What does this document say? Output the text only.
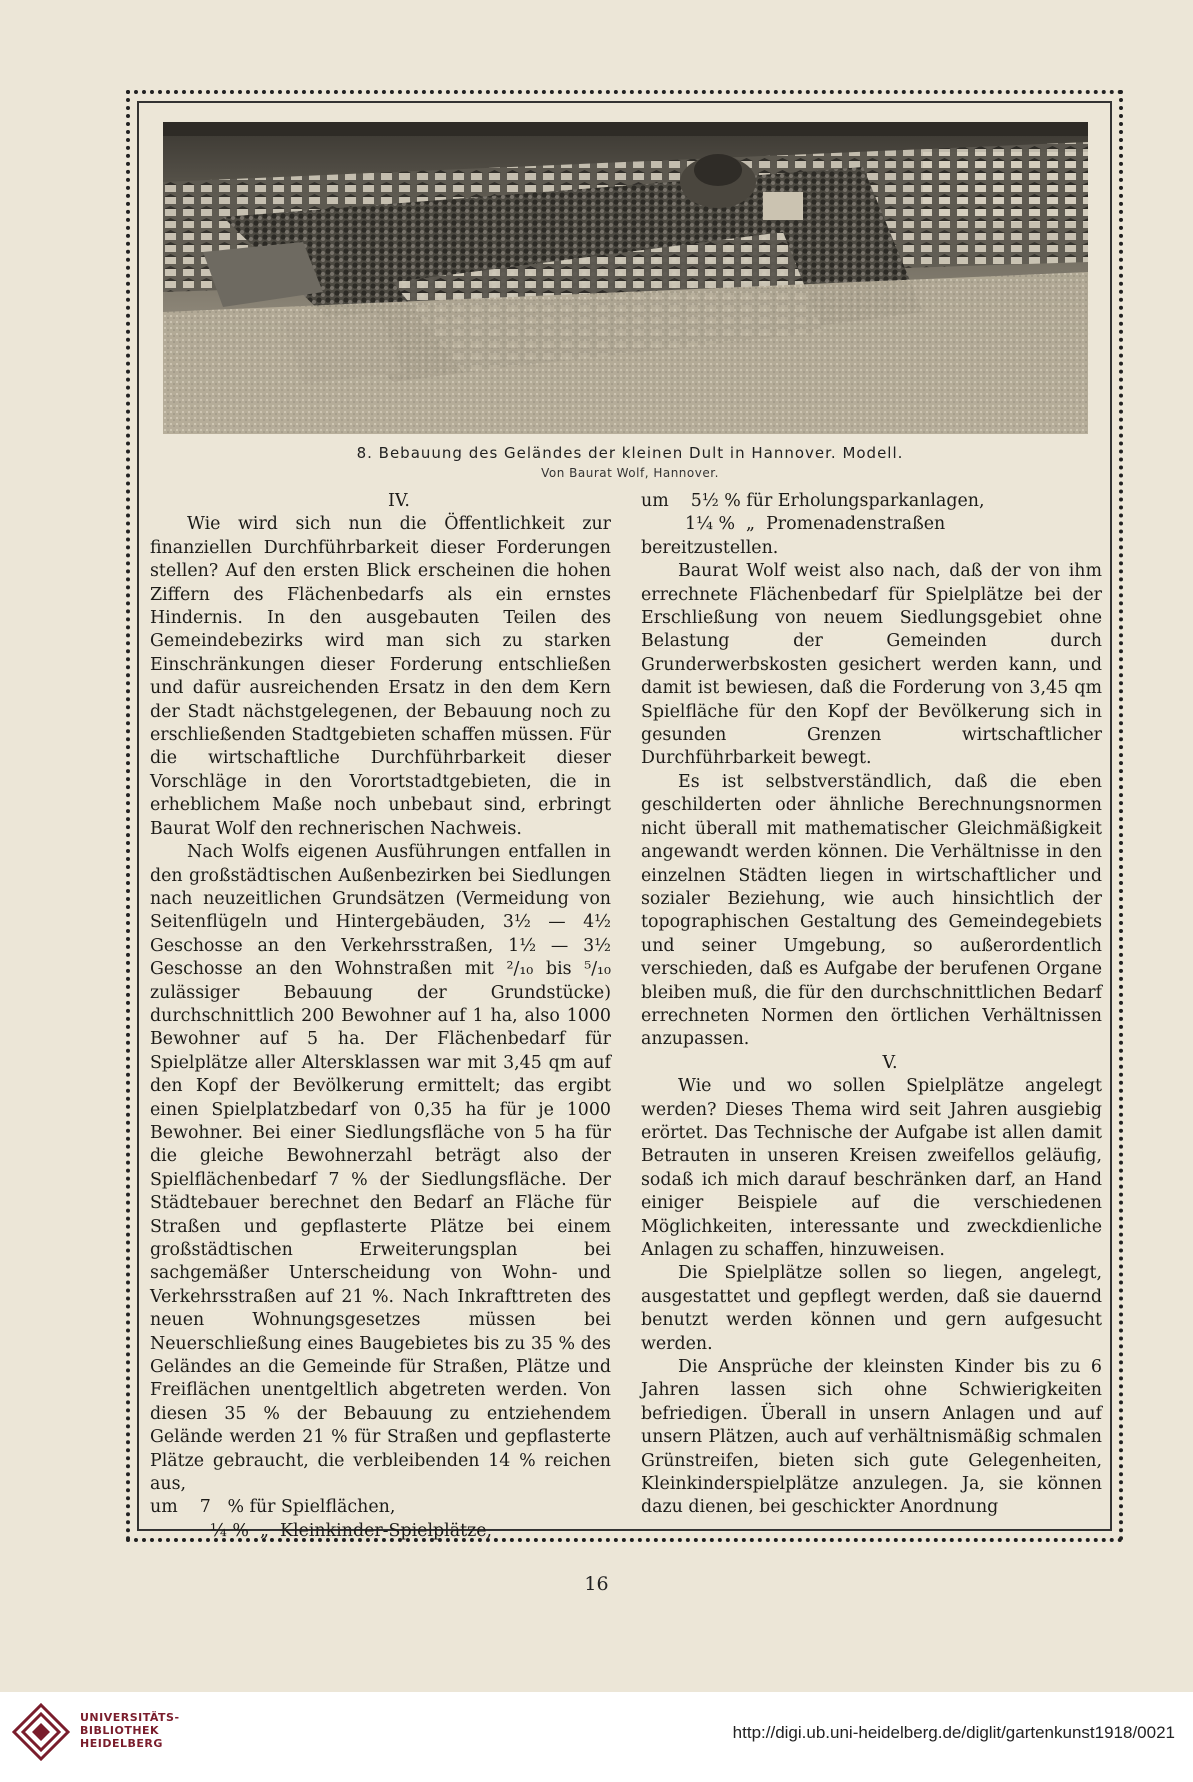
8. Bebauung des Geländes der kleinen Dult in Hannover. Modell.
Von Baurat Wolf, Hannover.

IV.

Wie wird sich nun die Öffentlichkeit zur finanziellen Durchführbarkeit dieser Forderungen stellen? Auf den ersten Blick erscheinen die hohen Ziffern des Flächenbedarfs als ein ernstes Hindernis. In den ausgebauten Teilen des Gemeindebezirks wird man sich zu starken Einschränkungen dieser Forderung entschließen und dafür ausreichenden Ersatz in den dem Kern der Stadt nächstgelegenen, der Bebauung noch zu erschließenden Stadtgebieten schaffen müssen. Für die wirtschaftliche Durchführbarkeit dieser Vorschläge in den Vorortstadtgebieten, die in erheblichem Maße noch unbebaut sind, erbringt Baurat Wolf den rechnerischen Nachweis.

Nach Wolfs eigenen Ausführungen entfallen in den großstädtischen Außenbezirken bei Siedlungen nach neuzeitlichen Grundsätzen (Vermeidung von Seitenflügeln und Hintergebäuden, 3½ — 4½ Geschosse an den Verkehrsstraßen, 1½ — 3½ Geschosse an den Wohnstraßen mit ²/₁₀ bis ⁵/₁₀ zulässiger Bebauung der Grundstücke) durchschnittlich 200 Bewohner auf 1 ha, also 1000 Bewohner auf 5 ha. Der Flächenbedarf für Spielplätze aller Altersklassen war mit 3,45 qm auf den Kopf der Bevölkerung ermittelt; das ergibt einen Spielplatzbedarf von 0,35 ha für je 1000 Bewohner. Bei einer Siedlungsfläche von 5 ha für die gleiche Bewohnerzahl beträgt also der Spielflächenbedarf 7 % der Siedlungsfläche. Der Städtebauer berechnet den Bedarf an Fläche für Straßen und gepflasterte Plätze bei einem großstädtischen Erweiterungsplan bei sachgemäßer Unterscheidung von Wohn- und Verkehrsstraßen auf 21 %. Nach Inkrafttreten des neuen Wohnungsgesetzes müssen bei Neuerschließung eines Baugebietes bis zu 35 % des Geländes an die Gemeinde für Straßen, Plätze und Freiflächen unentgeltlich abgetreten werden. Von diesen 35 % der Bebauung zu entziehendem Gelände werden 21 % für Straßen und gepflasterte Plätze gebraucht, die verbleibenden 14 % reichen aus,

um    7   % für Spielflächen,

¼ %  „  Kleinkinder-Spielplätze,

um    5½ % für Erholungsparkanlagen,

1¼ %  „  Promenadenstraßen

bereitzustellen.

Baurat Wolf weist also nach, daß der von ihm errechnete Flächenbedarf für Spielplätze bei der Erschließung von neuem Siedlungsgebiet ohne Belastung der Gemeinden durch Grunderwerbskosten gesichert werden kann, und damit ist bewiesen, daß die Forderung von 3,45 qm Spielfläche für den Kopf der Bevölkerung sich in gesunden Grenzen wirtschaftlicher Durchführbarkeit bewegt.

Es ist selbstverständlich, daß die eben geschilderten oder ähnliche Berechnungsnormen nicht überall mit mathematischer Gleichmäßigkeit angewandt werden können. Die Verhältnisse in den einzelnen Städten liegen in wirtschaftlicher und sozialer Beziehung, wie auch hinsichtlich der topographischen Gestaltung des Gemeindegebiets und seiner Umgebung, so außerordentlich verschieden, daß es Aufgabe der berufenen Organe bleiben muß, die für den durchschnittlichen Bedarf errechneten Normen den örtlichen Verhältnissen anzupassen.

V.

Wie und wo sollen Spielplätze angelegt werden? Dieses Thema wird seit Jahren ausgiebig erörtet. Das Technische der Aufgabe ist allen damit Betrauten in unseren Kreisen zweifellos geläufig, sodaß ich mich darauf beschränken darf, an Hand einiger Beispiele auf die verschiedenen Möglichkeiten, interessante und zweckdienliche Anlagen zu schaffen, hinzuweisen.

Die Spielplätze sollen so liegen, angelegt, ausgestattet und gepflegt werden, daß sie dauernd benutzt werden können und gern aufgesucht werden.

Die Ansprüche der kleinsten Kinder bis zu 6 Jahren lassen sich ohne Schwierigkeiten befriedigen. Überall in unsern Anlagen und auf unsern Plätzen, auch auf verhältnismäßig schmalen Grünstreifen, bieten sich gute Gelegenheiten, Kleinkinderspielplätze anzulegen. Ja, sie können dazu dienen, bei geschickter Anordnung

16
UNIVERSITÄTS-
BIBLIOTHEK
HEIDELBERG
http://digi.ub.uni-heidelberg.de/diglit/gartenkunst1918/0021
